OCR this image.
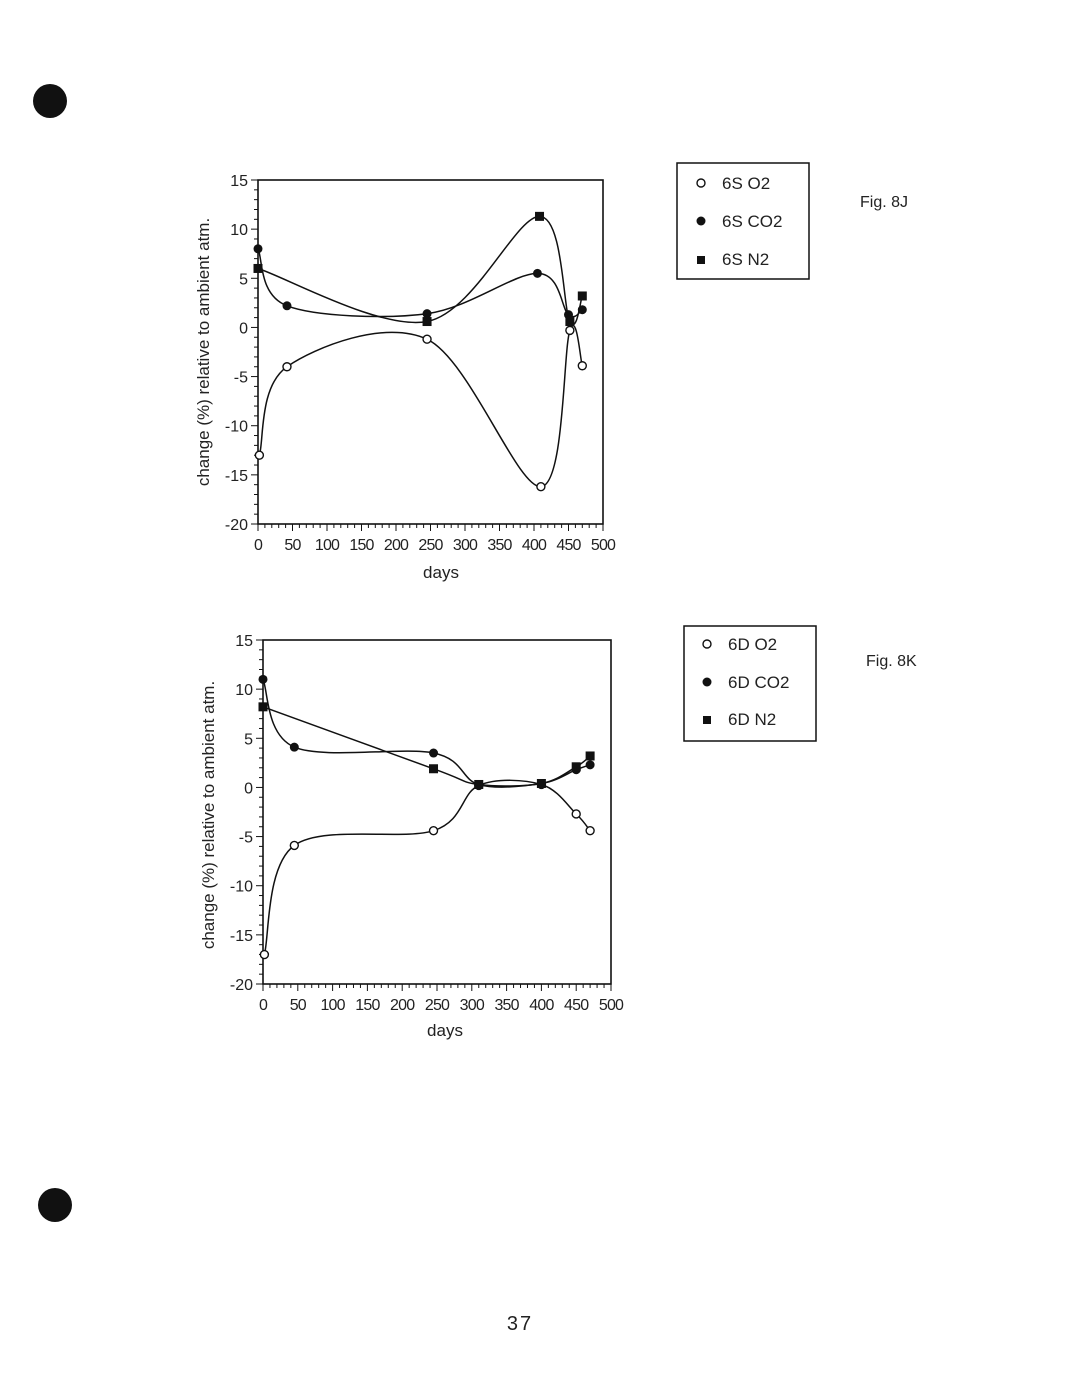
15
10
5
0
-5
-10
-15
-20
0 50 100 150 200 250 300 350 400 450 500
days
change (%) relative to ambient atm.
6S O2
6S CO2
6S N2
Fig. 8J
15
10
5
0
-5
-10
-15
-20
0 50 100 150 200 250 300 350 400 450 500
days
change (%) relative to ambient atm.
6D O2
6D CO2
6D N2
Fig. 8K
37
